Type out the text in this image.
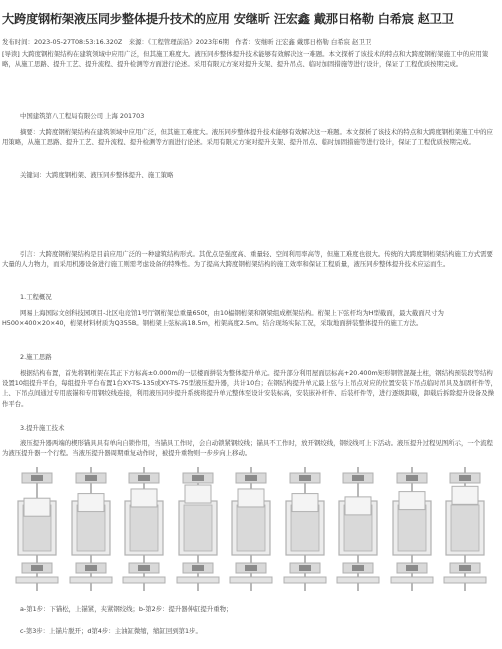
大跨度钢桁架液压同步整体提升技术的应用 安继昕 汪宏鑫 戴那日格勒 白希宸 赵卫卫
发布时间：2023-05-27T08:53:16.320Z　来源：《工程管理前沿》2023年6期　作者：安继昕 汪宏鑫 戴那日格勒 白希宸 赵卫卫
[导读] 大跨度钢桁架结构在建筑领域中应用广泛，但其施工难度大。液压同步整体提升技术能够有效解决这一难题。本文探析了该技术的特点和大跨度钢桁架施工中的应用策略，从施工思路、提升工艺、提升流程、提升检测等方面进行论述。采用有限元方案对提升支架、提升吊点、临时加固措施等进行设计，保证了工程优质按期完成。
中国建筑第八工程局有限公司 上海 201703
摘要：大跨度钢桁架结构在建筑领域中应用广泛，但其施工难度大。液压同步整体提升技术能够有效解决这一难题。本文探析了该技术的特点和大跨度钢桁架施工中的应用策略，从施工思路、提升工艺、提升流程、提升检测等方面进行论述。采用有限元方案对提升支架、提升吊点、临时加固措施等进行设计，保证了工程优质按期完成。
关键词：大跨度钢桁架、液压同步整体提升、施工策略
引言：大跨度钢桁架结构是目前应用广泛的一种建筑结构形式。其优点是强度高、重量轻、空间利用率高等，但施工难度也很大。传统的大跨度钢桁架结构施工方式需要大量的人力物力，而采用机器设备进行施工则需考虑设备的特殊性。为了提高大跨度钢桁架结构的施工效率和保证工程质量，液压同步整体提升技术应运而生。
1.工程概况
网易上海国际文创科技园项目-北区电竞馆1号厅钢桁架总重量650t，由10榀钢桁架和钢梁组成框架结构。桁架上下弦杆均为H型截面，最大截面尺寸为H500×400×20×40，桁架材料材质为Q355B。钢桁架上弦标高18.5m，桁架高度2.5m。结合现场实际工况，采取地面拼装整体提升的施工方法。
2.施工思路
根据结构布置，首先将钢桁架在其正下方标高±0.000m的一层楼面拼装为整体提升单元。提升部分利用屋面层标高+20.400m矩形钢管混凝土柱，钢结构预装段等结构设置10组提升平台，每组提升平台布置1台XY-TS-135或XY-TS-75型液压提升器，共计10台；在钢结构提升单元最上弦与上吊点对应的位置安装下吊点临时吊具及加固杆件等，上、下吊点间通过专用底锚和专用钢绞线连接，利用液压同步提升系统将提升单元整体至设计安装标高，安装嵌补杆件、后装杆件等，进行逐级卸载，卸载后拆除提升设备及操作平台。
3.提升施工技术
液压提升器两端的楔形锚具具有单向自锁作用，当锚具工作时，会自动锁紧钢绞线；锚具不工作时，放开钢绞线，钢绞线可上下活动。液压提升过程见图所示，一个流程为液压提升器一个行程。当液压提升器周期重复动作时，被提升重物则一步步向上移动。
a-第1步：下锚松，上锚紧，夹紧钢绞线；b-第2步：提升器伸缸提升重物；
c-第3步：上锚片脱开；d第4步：主油缸微缩，缩缸回到第1步。
